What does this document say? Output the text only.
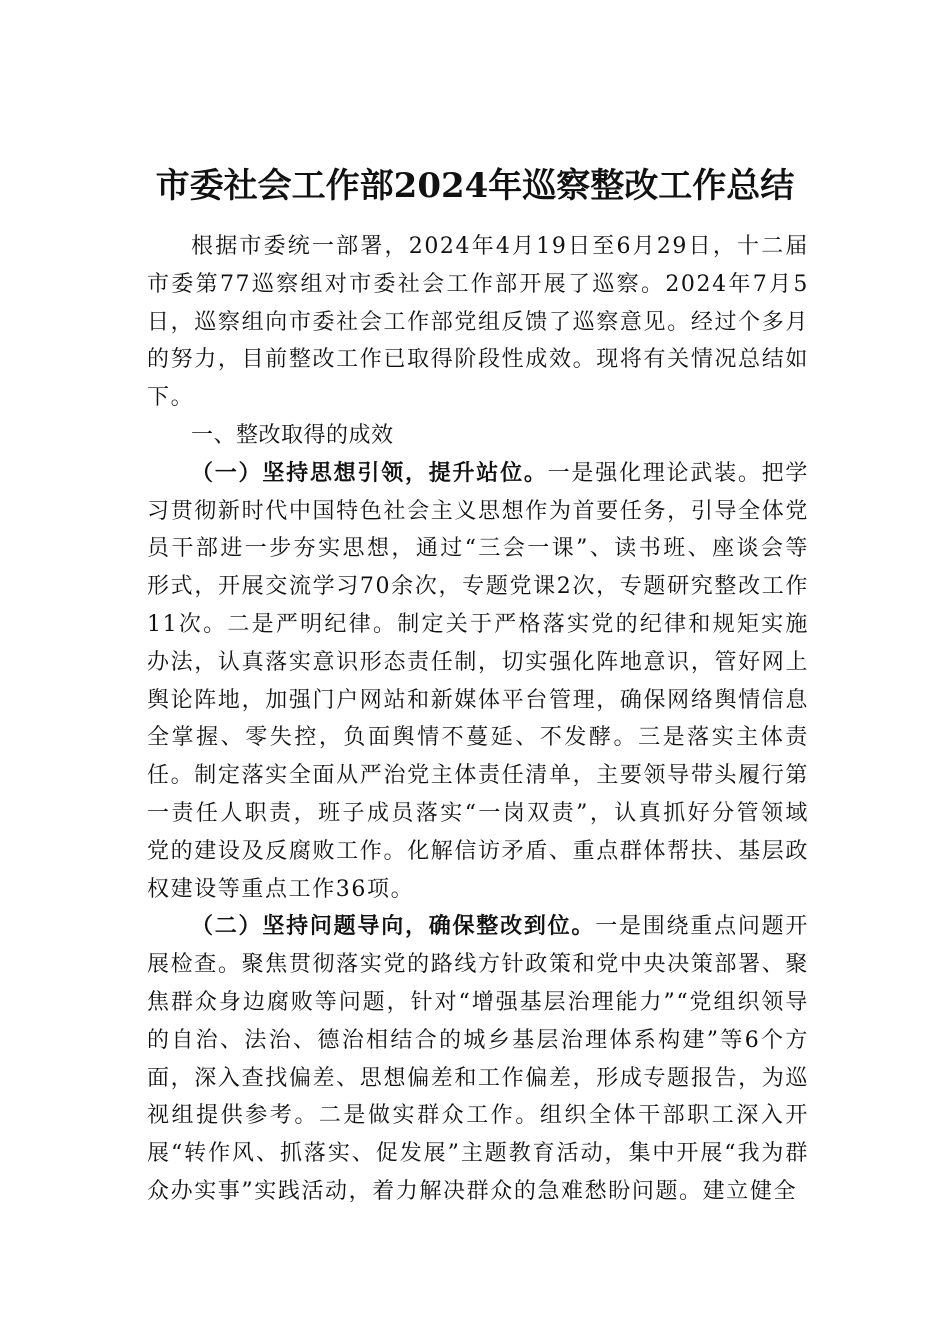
市委社会工作部2024年巡察整改工作总结

根据市委统一部署，2024年4月19日至6月29日，十二届市委第77巡察组对市委社会工作部开展了巡察。2024年7月5日，巡察组向市委社会工作部党组反馈了巡察意见。经过个多月的努力，目前整改工作已取得阶段性成效。现将有关情况总结如下。

一、整改取得的成效

（一）坚持思想引领，提升站位。一是强化理论武装。把学习贯彻新时代中国特色社会主义思想作为首要任务，引导全体党员干部进一步夯实思想，通过“三会一课”、读书班、座谈会等形式，开展交流学习70余次，专题党课2次，专题研究整改工作11次。二是严明纪律。制定关于严格落实党的纪律和规矩实施办法，认真落实意识形态责任制，切实强化阵地意识，管好网上舆论阵地，加强门户网站和新媒体平台管理，确保网络舆情信息全掌握、零失控，负面舆情不蔓延、不发酵。三是落实主体责任。制定落实全面从严治党主体责任清单，主要领导带头履行第一责任人职责，班子成员落实“一岗双责”，认真抓好分管领域党的建设及反腐败工作。化解信访矛盾、重点群体帮扶、基层政权建设等重点工作36项。

（二）坚持问题导向，确保整改到位。一是围绕重点问题开展检查。聚焦贯彻落实党的路线方针政策和党中央决策部署、聚焦群众身边腐败等问题，针对“增强基层治理能力”“党组织领导的自治、法治、德治相结合的城乡基层治理体系构建”等6个方面，深入查找偏差、思想偏差和工作偏差，形成专题报告，为巡视组提供参考。二是做实群众工作。组织全体干部职工深入开展“转作风、抓落实、促发展”主题教育活动，集中开展“我为群众办实事”实践活动，着力解决群众的急难愁盼问题。建立健全
